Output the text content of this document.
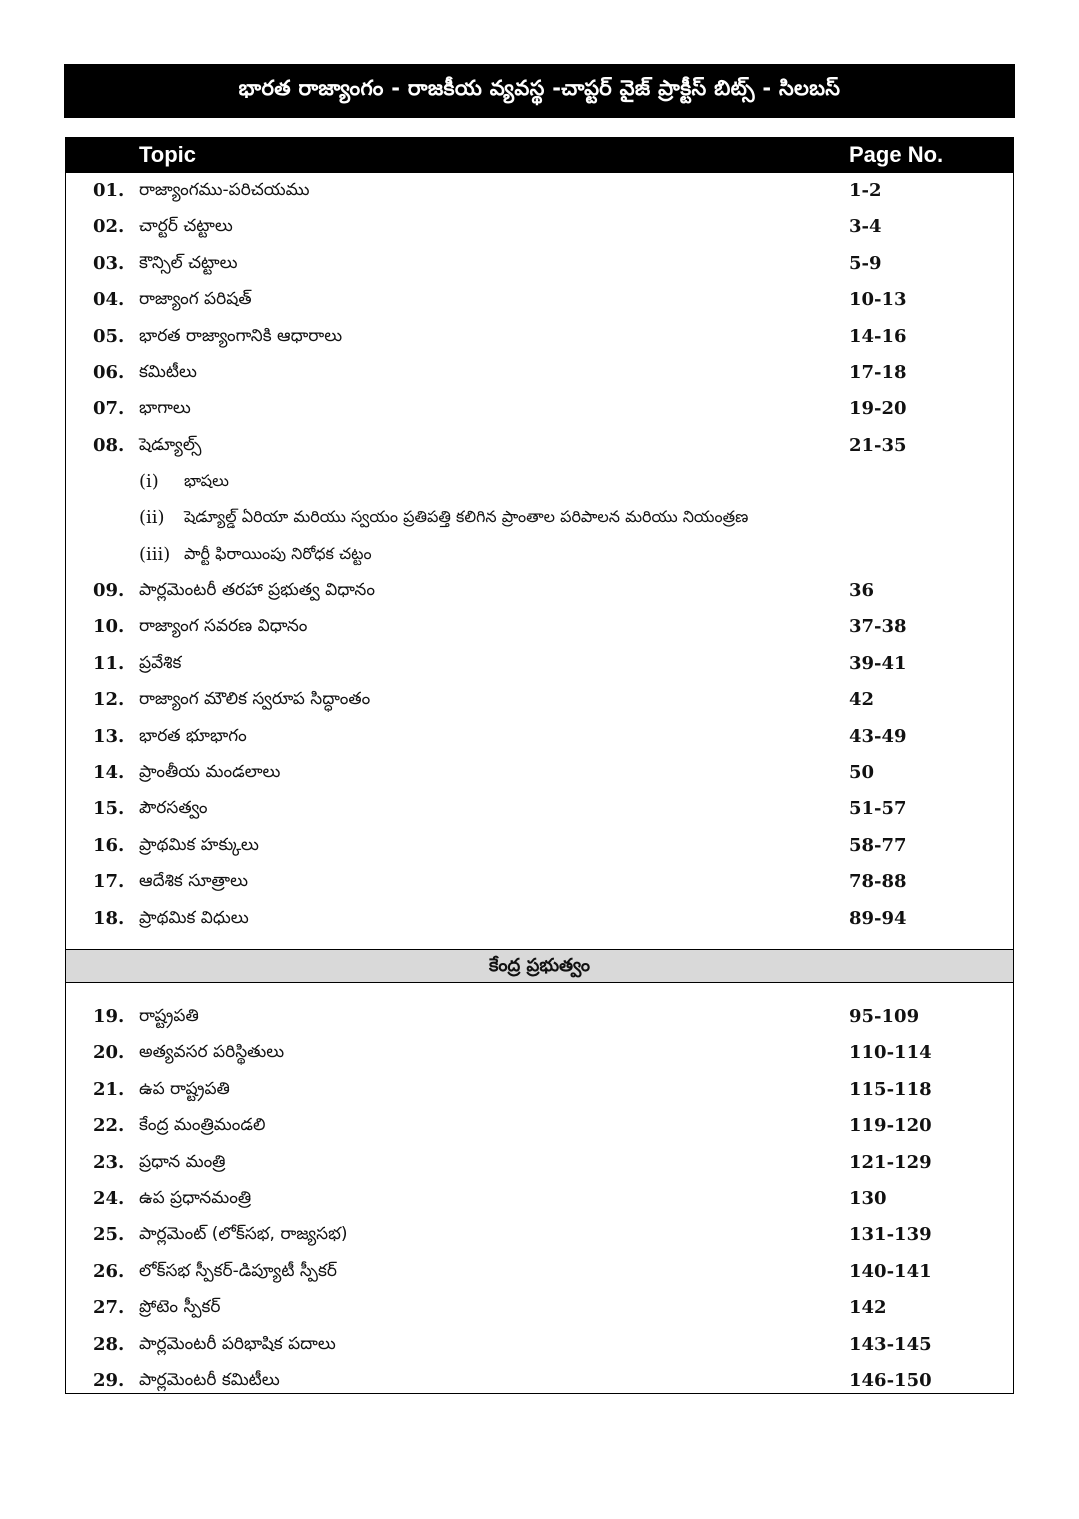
భారత రాజ్యాంగం - రాజకీయ వ్యవస్థ -చాప్టర్ వైజ్ ప్రాక్టీస్ బిట్స్ - సిలబస్
Topic	Page No.
01. రాజ్యాంగము-పరిచయము	1-2
02. చార్టర్ చట్టాలు	3-4
03. కౌన్సిల్ చట్టాలు	5-9
04. రాజ్యాంగ పరిషత్	10-13
05. భారత రాజ్యాంగానికి ఆధారాలు	14-16
06. కమిటీలు	17-18
07. భాగాలు	19-20
08. షెడ్యూల్స్	21-35
(i) భాషలు
(ii) షెడ్యూల్డ్ ఏరియా మరియు స్వయం ప్రతిపత్తి కలిగిన ప్రాంతాల పరిపాలన మరియు నియంత్రణ
(iii) పార్టీ ఫిరాయింపు నిరోధక చట్టం
09. పార్లమెంటరీ తరహా ప్రభుత్వ విధానం	36
10. రాజ్యాంగ సవరణ విధానం	37-38
11. ప్రవేశిక	39-41
12. రాజ్యాంగ మౌలిక స్వరూప సిద్ధాంతం	42
13. భారత భూభాగం	43-49
14. ప్రాంతీయ మండలాలు	50
15. పౌరసత్వం	51-57
16. ప్రాథమిక హక్కులు	58-77
17. ఆదేశిక సూత్రాలు	78-88
18. ప్రాథమిక విధులు	89-94
కేంద్ర ప్రభుత్వం
19. రాష్ట్రపతి	95-109
20. అత్యవసర పరిస్థితులు	110-114
21. ఉప రాష్ట్రపతి	115-118
22. కేంద్ర మంత్రిమండలి	119-120
23. ప్రధాన మంత్రి	121-129
24. ఉప ప్రధానమంత్రి	130
25. పార్లమెంట్ (లోక్‌సభ, రాజ్యసభ)	131-139
26. లోక్‌సభ స్పీకర్-డిప్యూటీ స్పీకర్	140-141
27. ప్రోటెం స్పీకర్	142
28. పార్లమెంటరీ పరిభాషిక పదాలు	143-145
29. పార్లమెంటరీ కమిటీలు	146-150
